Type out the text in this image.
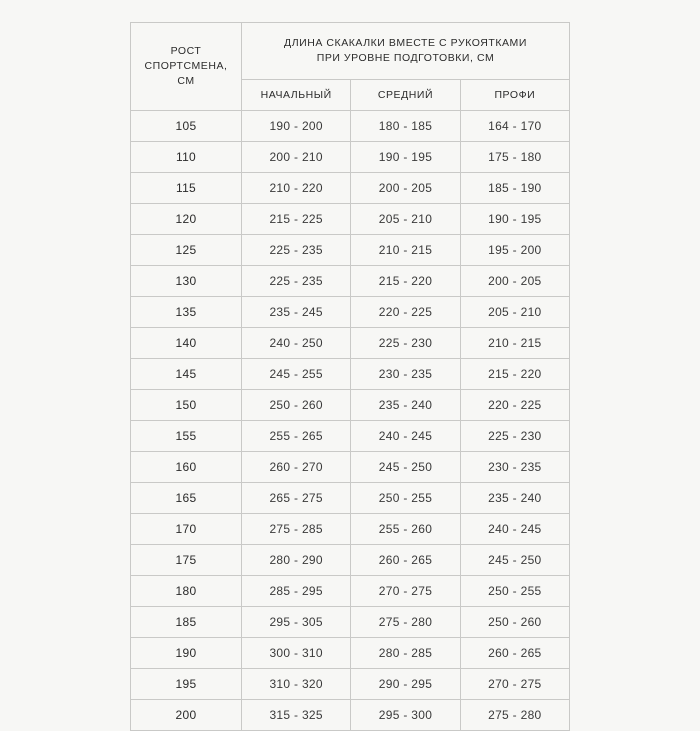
РОСТ
СПОРТСМЕНА,
СМ

ДЛИНА СКАКАЛКИ ВМЕСТЕ С РУКОЯТКАМИ
ПРИ УРОВНЕ ПОДГОТОВКИ, СМ

	НАЧАЛЬНЫЙ	СРЕДНИЙ	ПРОФИ
105	190 - 200	180 - 185	164 - 170
110	200 - 210	190 - 195	175 - 180
115	210 - 220	200 - 205	185 - 190
120	215 - 225	205 - 210	190 - 195
125	225 - 235	210 - 215	195 - 200
130	225 - 235	215 - 220	200 - 205
135	235 - 245	220 - 225	205 - 210
140	240 - 250	225 - 230	210 - 215
145	245 - 255	230 - 235	215 - 220
150	250 - 260	235 - 240	220 - 225
155	255 - 265	240 - 245	225 - 230
160	260 - 270	245 - 250	230 - 235
165	265 - 275	250 - 255	235 - 240
170	275 - 285	255 - 260	240 - 245
175	280 - 290	260 - 265	245 - 250
180	285 - 295	270 - 275	250 - 255
185	295 - 305	275 - 280	250 - 260
190	300 - 310	280 - 285	260 - 265
195	310 - 320	290 - 295	270 - 275
200	315 - 325	295 - 300	275 - 280
